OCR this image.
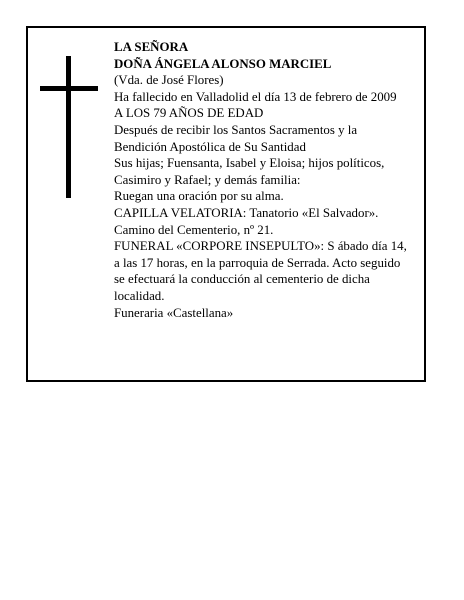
LA SEÑORA
DOÑA ÁNGELA ALONSO MARCIEL
(Vda. de José Flores)
Ha fallecido en Valladolid el día 13 de febrero de 2009
A LOS 79 AÑOS DE EDAD
Después de recibir los Santos Sacramentos y la
Bendición Apostólica de Su Santidad
Sus hijas; Fuensanta, Isabel y Eloisa; hijos políticos,
Casimiro y Rafael; y demás familia:
Ruegan una oración por su alma.
CAPILLA VELATORIA: Tanatorio «El Salvador».
Camino del Cementerio, nº 21.
FUNERAL «CORPORE INSEPULTO»: S ábado día 14,
a las 17 horas, en la parroquia de Serrada. Acto seguido
se efectuará la conducción al cementerio de dicha
localidad.
Funeraria «Castellana»
